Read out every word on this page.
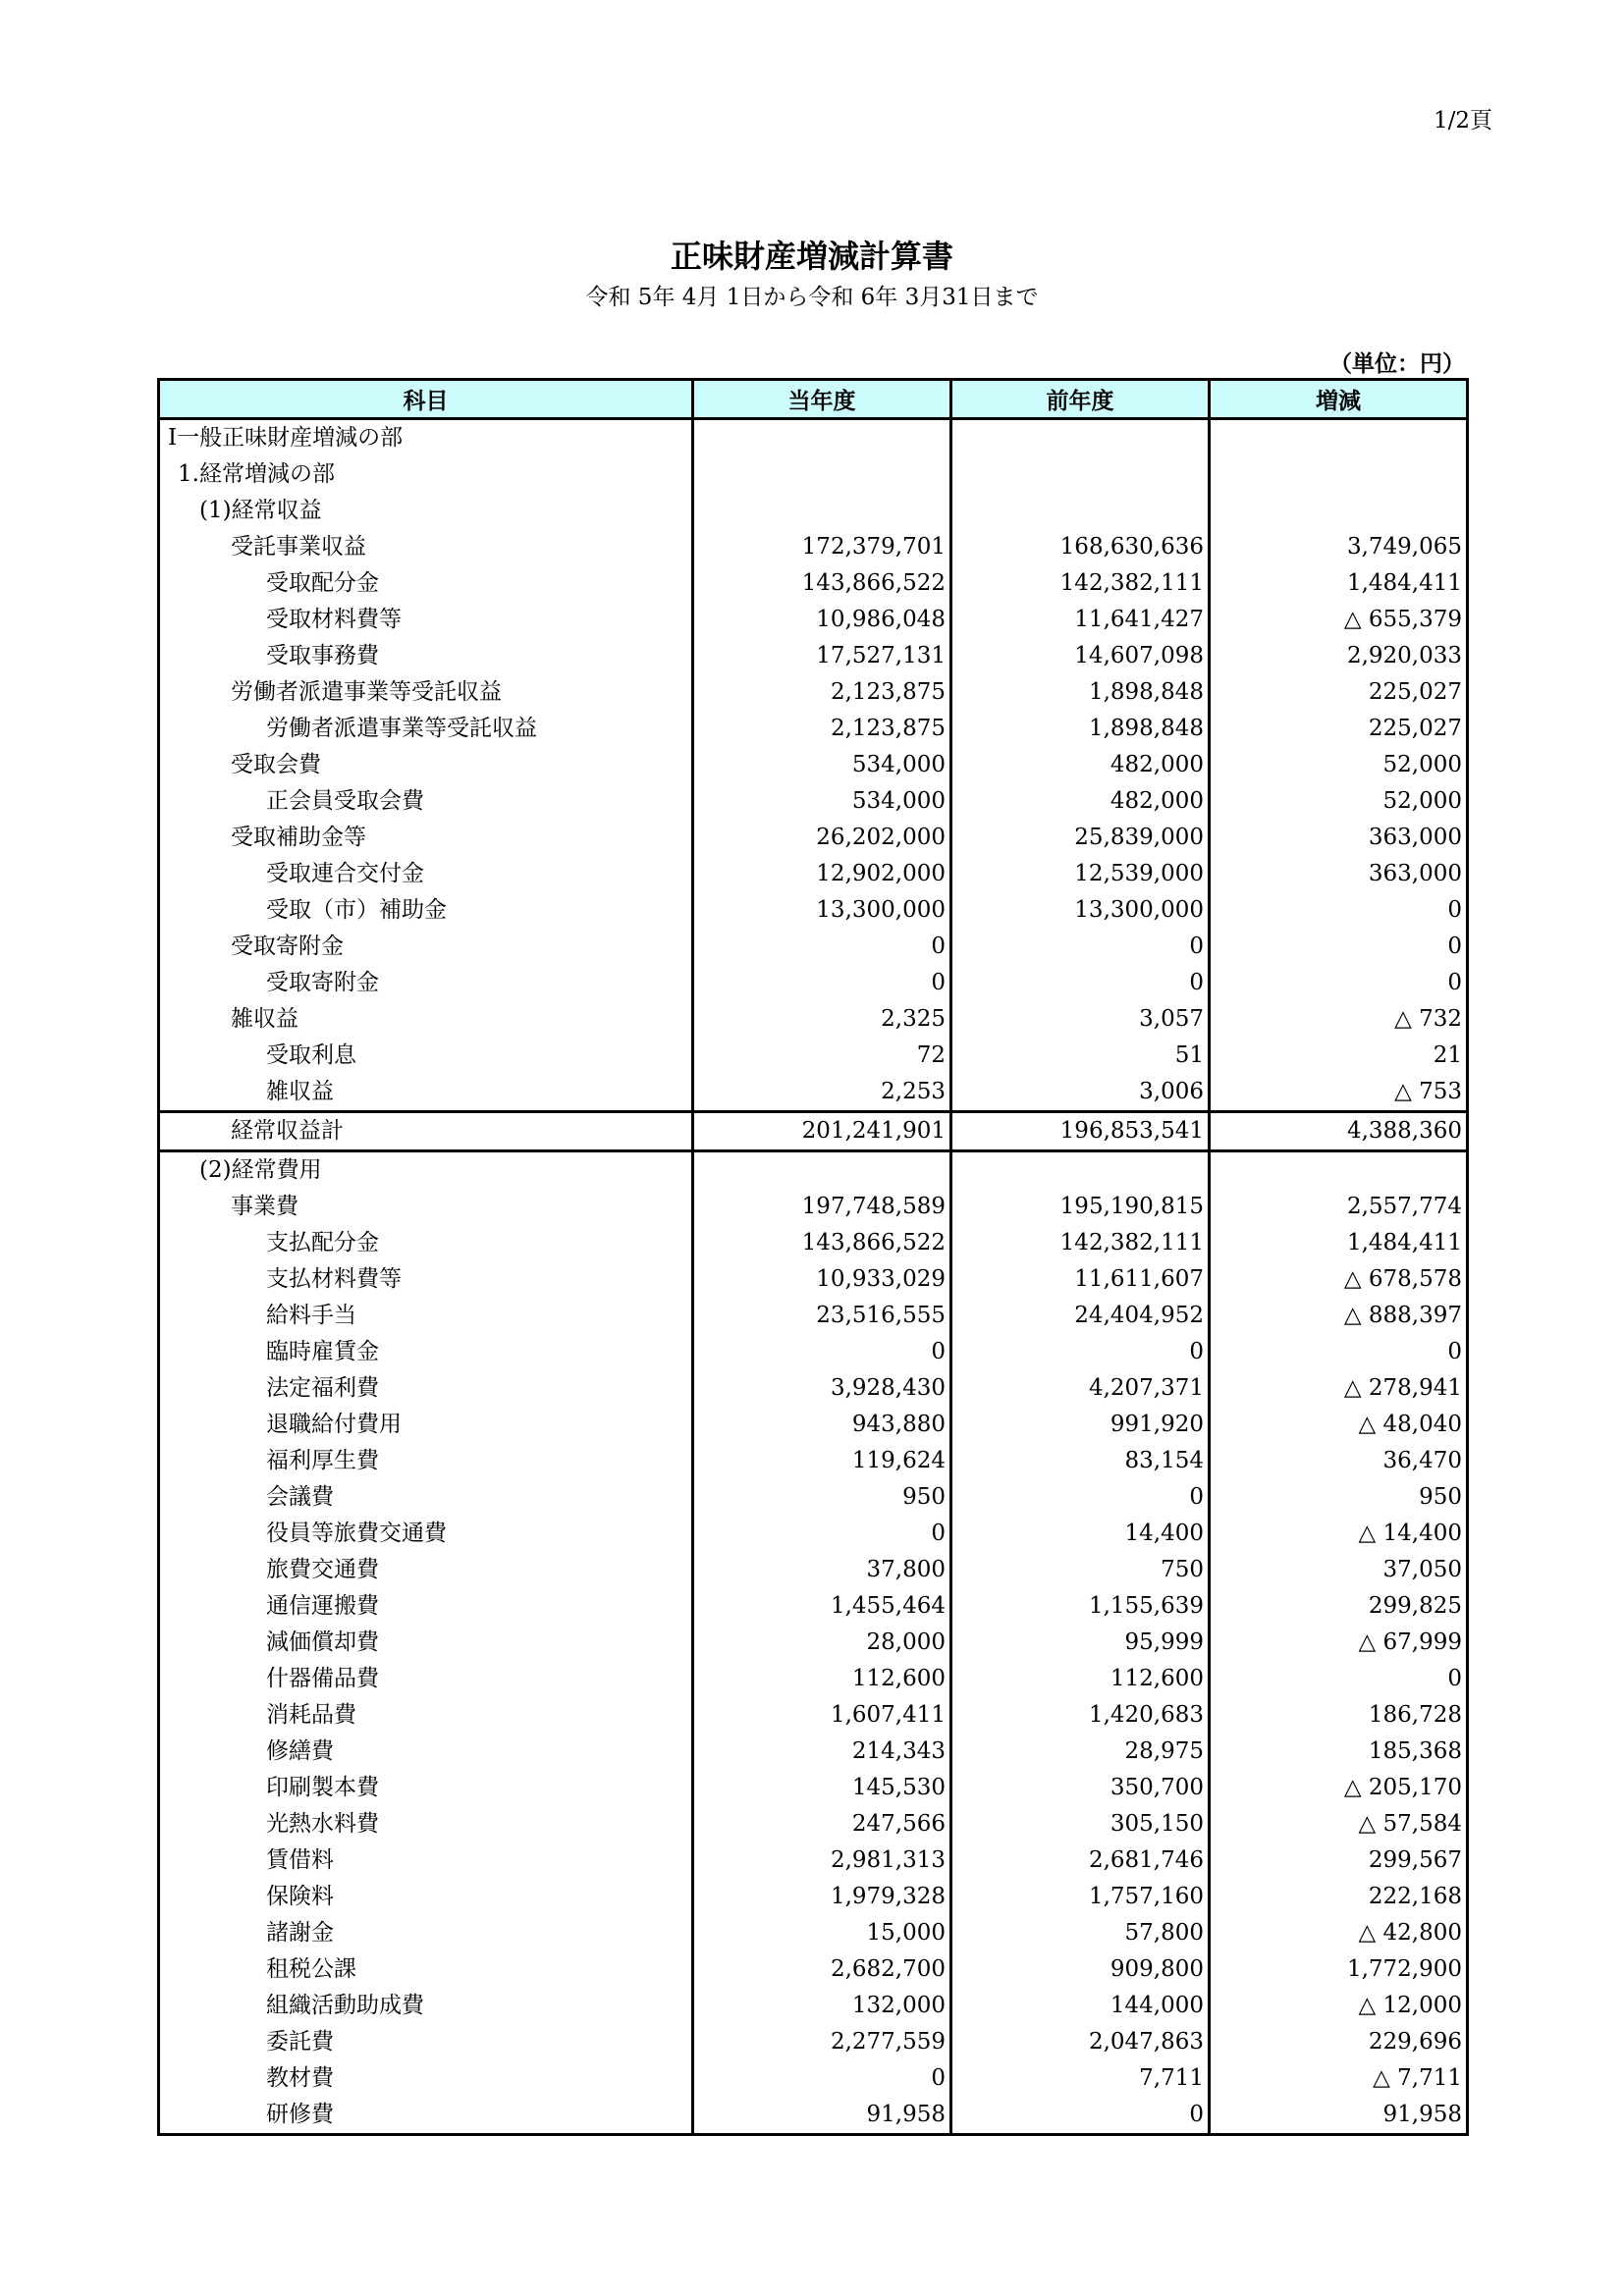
1/2頁
正味財産増減計算書
令和 5年 4月 1日から令和 6年 3月31日まで
（単位：円）
科目	当年度	前年度	増減
Ⅰ一般正味財産増減の部			
1.経常増減の部			
(1)経常収益			
受託事業収益	172,379,701	168,630,636	3,749,065
受取配分金	143,866,522	142,382,111	1,484,411
受取材料費等	10,986,048	11,641,427	△ 655,379
受取事務費	17,527,131	14,607,098	2,920,033
労働者派遣事業等受託収益	2,123,875	1,898,848	225,027
労働者派遣事業等受託収益	2,123,875	1,898,848	225,027
受取会費	534,000	482,000	52,000
正会員受取会費	534,000	482,000	52,000
受取補助金等	26,202,000	25,839,000	363,000
受取連合交付金	12,902,000	12,539,000	363,000
受取（市）補助金	13,300,000	13,300,000	0
受取寄附金	0	0	0
受取寄附金	0	0	0
雑収益	2,325	3,057	△ 732
受取利息	72	51	21
雑収益	2,253	3,006	△ 753
経常収益計	201,241,901	196,853,541	4,388,360
(2)経常費用			
事業費	197,748,589	195,190,815	2,557,774
支払配分金	143,866,522	142,382,111	1,484,411
支払材料費等	10,933,029	11,611,607	△ 678,578
給料手当	23,516,555	24,404,952	△ 888,397
臨時雇賃金	0	0	0
法定福利費	3,928,430	4,207,371	△ 278,941
退職給付費用	943,880	991,920	△ 48,040
福利厚生費	119,624	83,154	36,470
会議費	950	0	950
役員等旅費交通費	0	14,400	△ 14,400
旅費交通費	37,800	750	37,050
通信運搬費	1,455,464	1,155,639	299,825
減価償却費	28,000	95,999	△ 67,999
什器備品費	112,600	112,600	0
消耗品費	1,607,411	1,420,683	186,728
修繕費	214,343	28,975	185,368
印刷製本費	145,530	350,700	△ 205,170
光熱水料費	247,566	305,150	△ 57,584
賃借料	2,981,313	2,681,746	299,567
保険料	1,979,328	1,757,160	222,168
諸謝金	15,000	57,800	△ 42,800
租税公課	2,682,700	909,800	1,772,900
組織活動助成費	132,000	144,000	△ 12,000
委託費	2,277,559	2,047,863	229,696
教材費	0	7,711	△ 7,711
研修費	91,958	0	91,958
